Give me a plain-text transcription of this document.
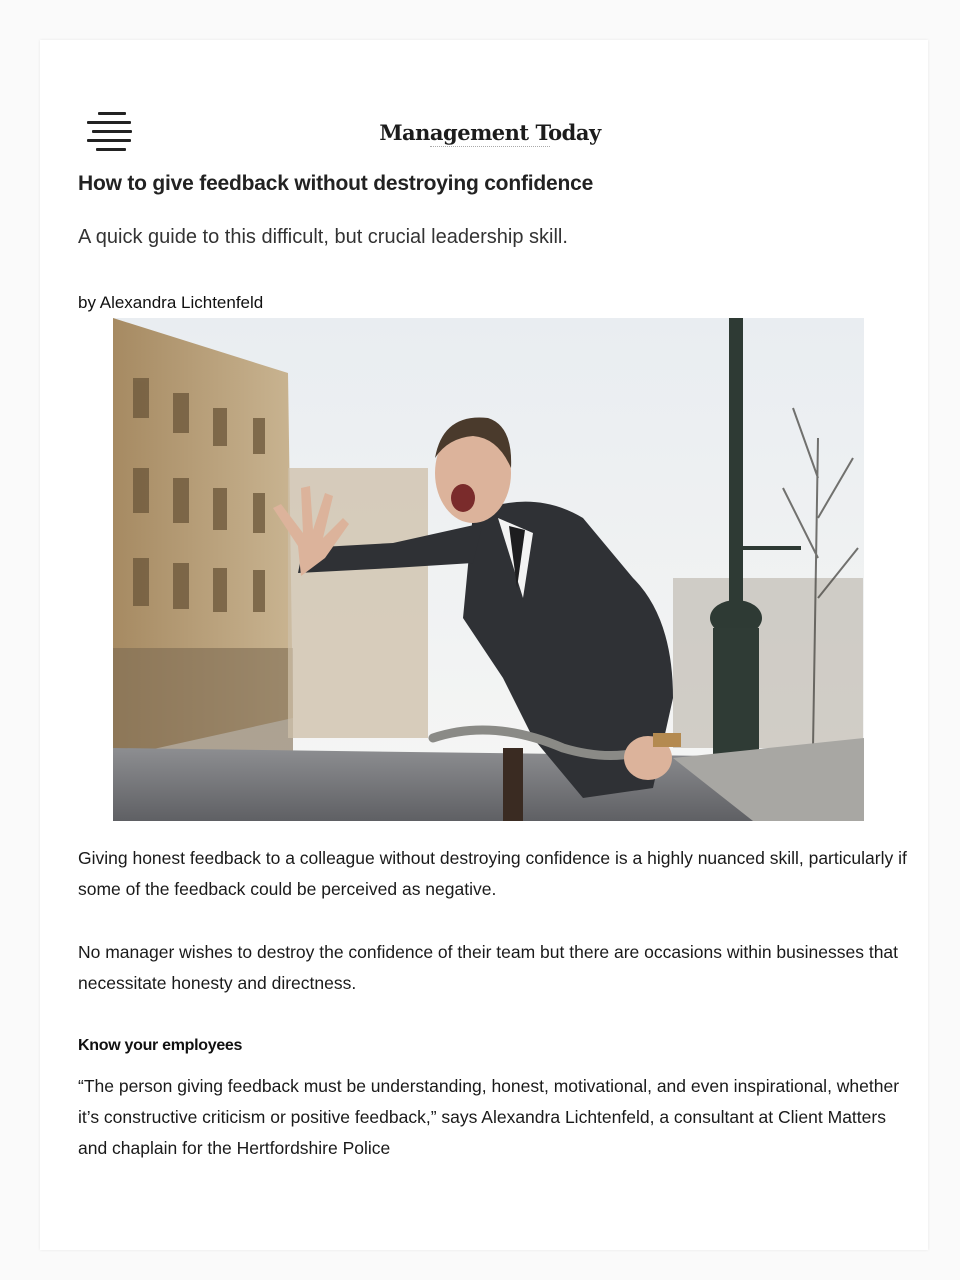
Management Today
How to give feedback without destroying confidence

A quick guide to this difficult, but crucial leadership skill.

by Alexandra Lichtenfeld

Giving honest feedback to a colleague without destroying confidence is a highly nuanced skill, particularly if some of the feedback could be perceived as negative.

No manager wishes to destroy the confidence of their team but there are occasions within businesses that necessitate honesty and directness.

Know your employees

“The person giving feedback must be understanding, honest, motivational, and even inspirational, whether it’s constructive criticism or positive feedback,” says Alexandra Lichtenfeld, a consultant at Client Matters and chaplain for the Hertfordshire Police
